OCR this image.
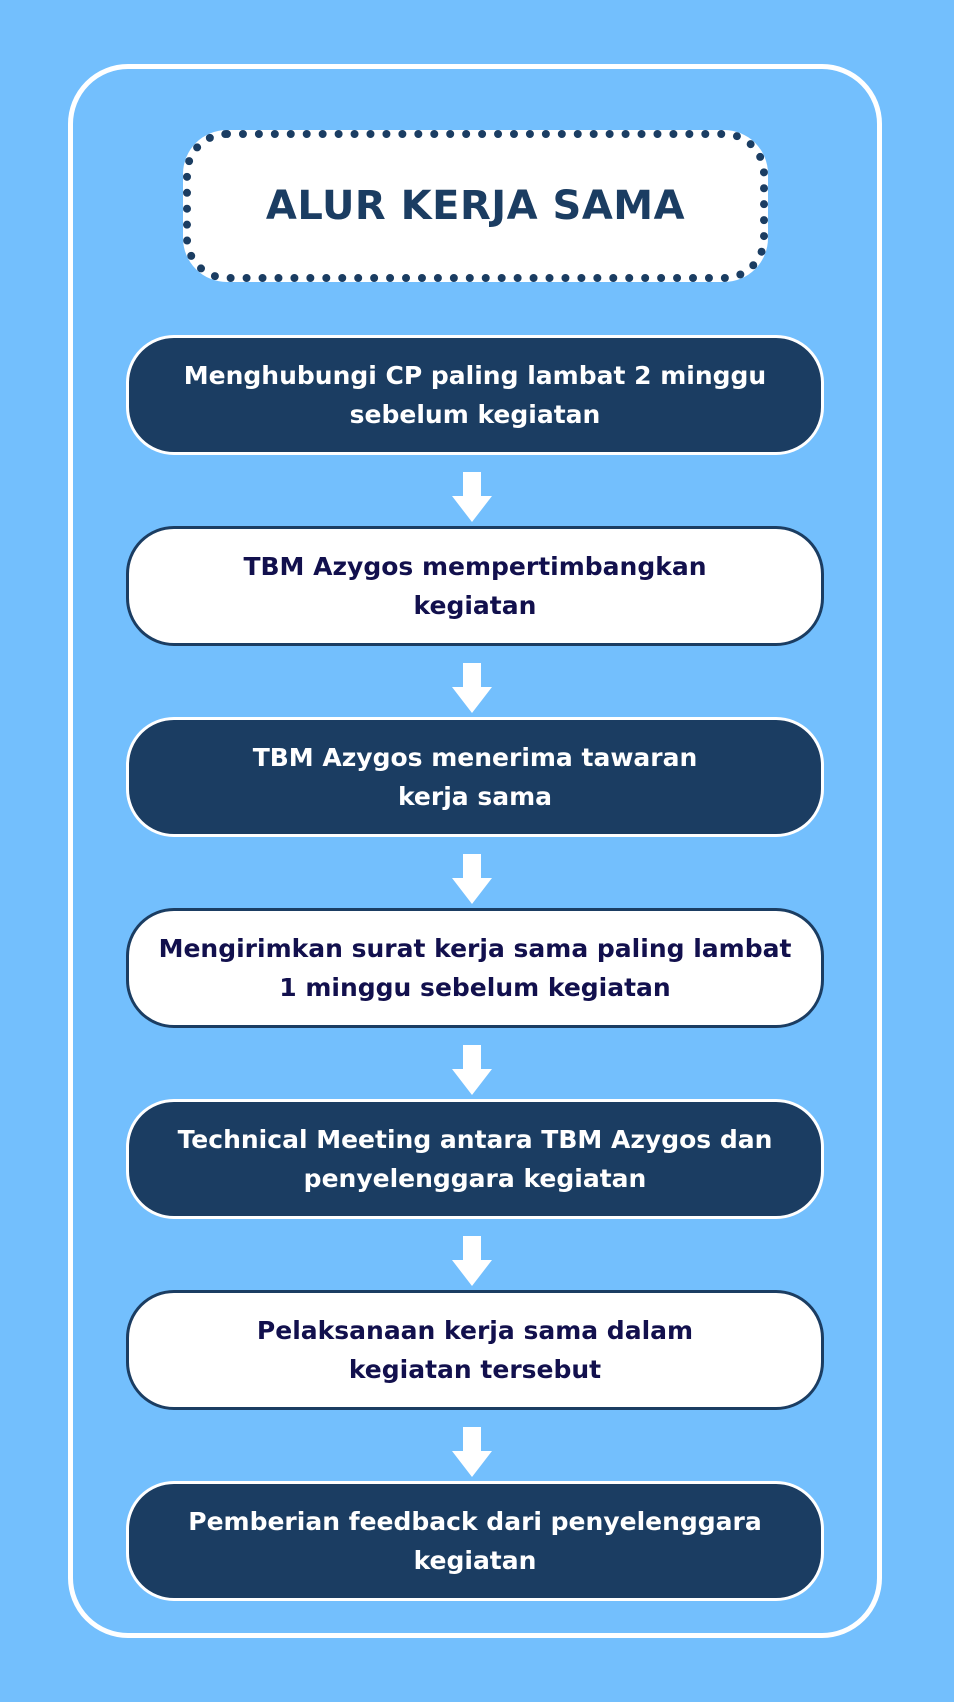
ALUR KERJA SAMA
Menghubungi CP paling lambat 2 minggu
sebelum kegiatan
TBM Azygos mempertimbangkan
kegiatan
TBM Azygos menerima tawaran
kerja sama
Mengirimkan surat kerja sama paling lambat
1 minggu sebelum kegiatan
Technical Meeting antara TBM Azygos dan
penyelenggara kegiatan
Pelaksanaan kerja sama dalam
kegiatan tersebut
Pemberian feedback dari penyelenggara
kegiatan
